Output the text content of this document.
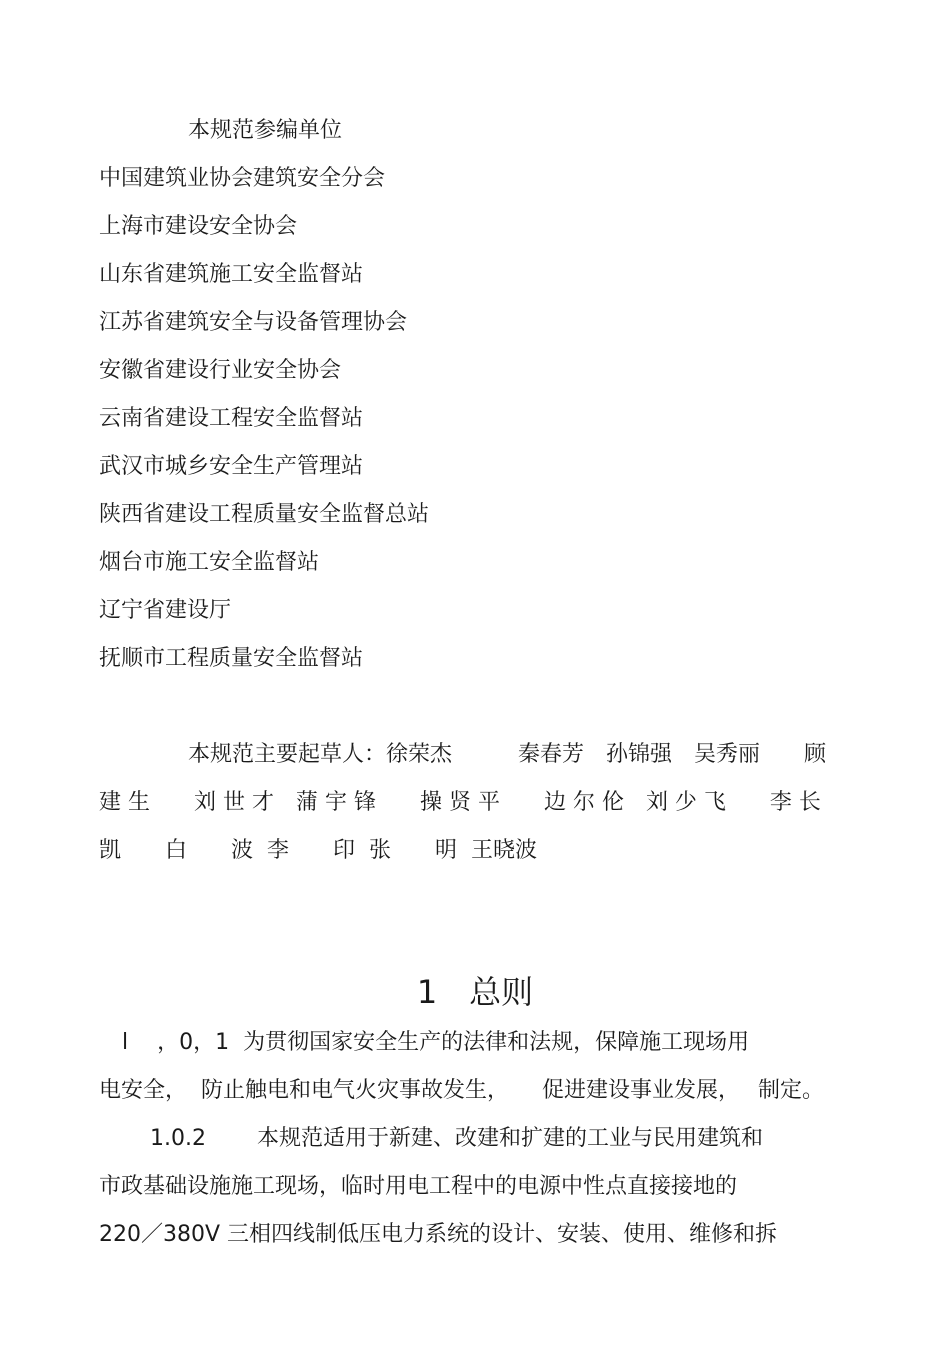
本规范参编单位
中国建筑业协会建筑安全分会
上海市建设安全协会
山东省建筑施工安全监督站
江苏省建筑安全与设备管理协会
安徽省建设行业安全协会
云南省建设工程安全监督站
武汉市城乡安全生产管理站
陕西省建设工程质量安全监督总站
烟台市施工安全监督站
辽宁省建设厅
抚顺市工程质量安全监督站
本规范主要起草人：徐荣杰　　　秦春芳　孙锦强　吴秀丽　　顾
建 生　　刘 世 才　蒲 宇 锋　　操 贤 平　　边 尔 伦　刘 少 飞　　李 长
凯　　白　　波  李　　印  张　　明  王晓波
1　总则
l　 ，0，1  为贯彻国家安全生产的法律和法规，保障施工现场用
电安全，  防止触电和电气火灾事故发生，　　促进建设事业发展，　 制定。
1.0.2　　 本规范适用于新建、改建和扩建的工业与民用建筑和
市政基础设施施工现场，临时用电工程中的电源中性点直接接地的
220／380V 三相四线制低压电力系统的设计、安装、使用、维修和拆
